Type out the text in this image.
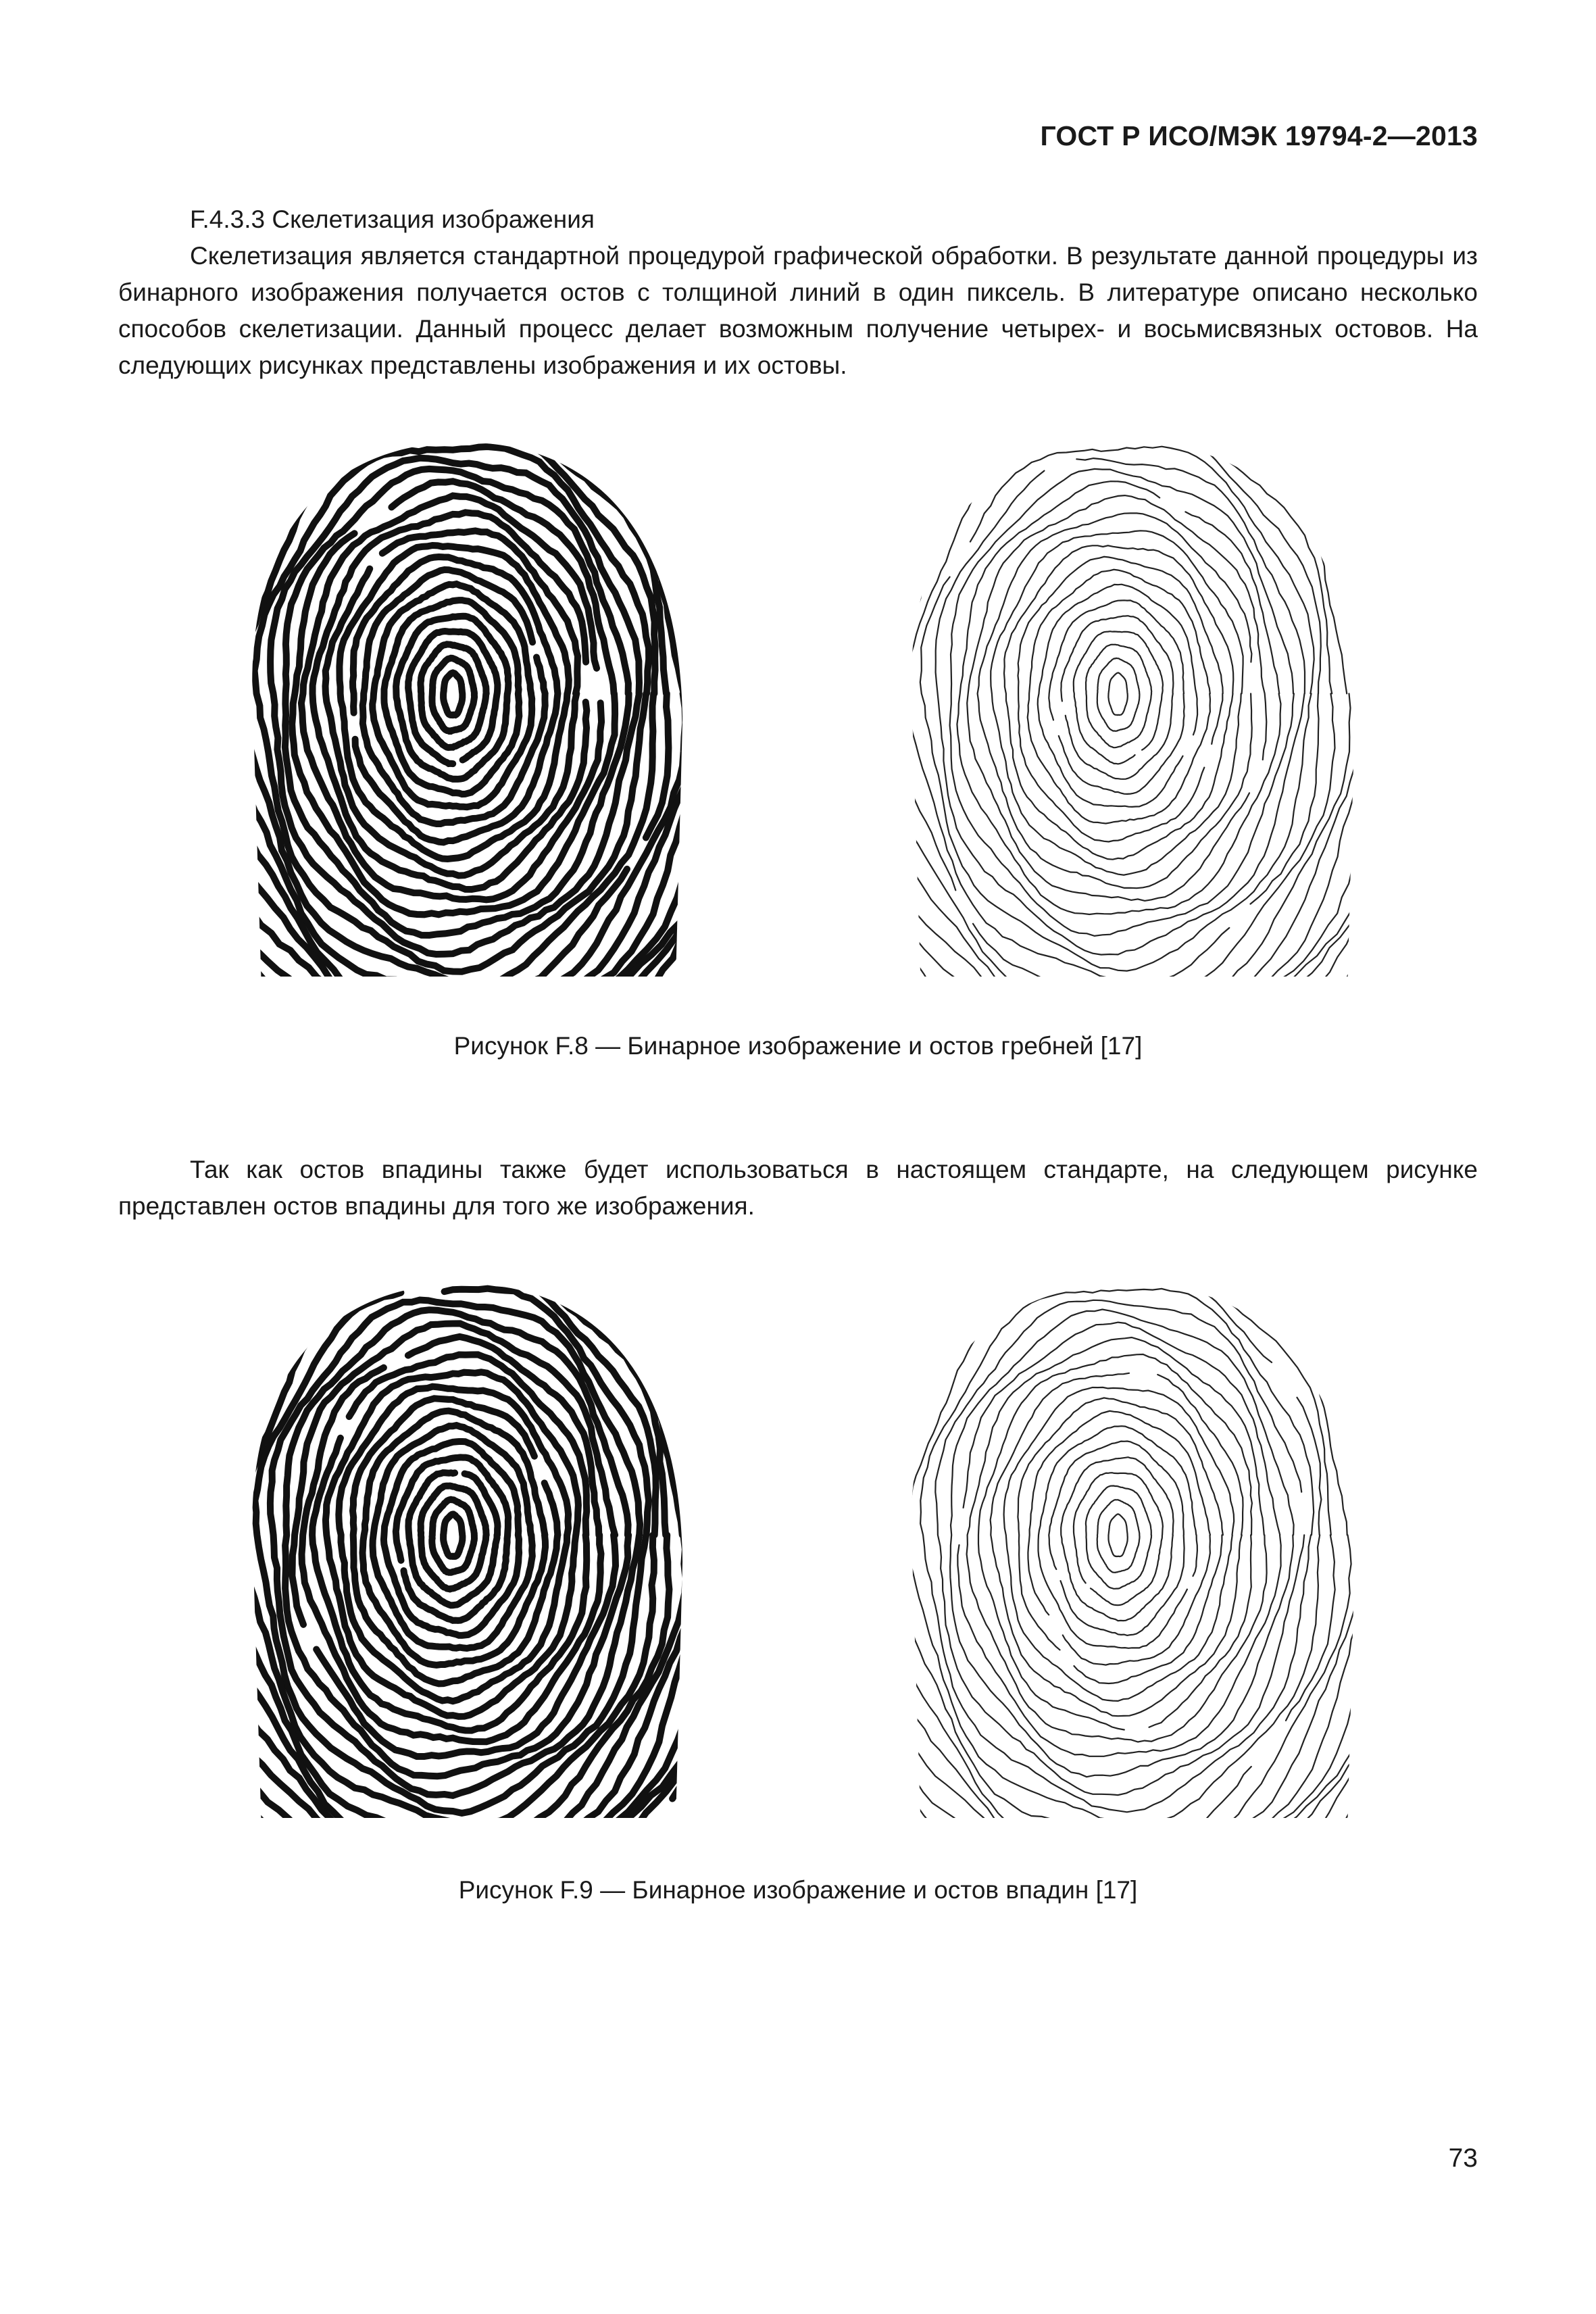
ГОСТ Р ИСО/МЭК 19794-2—2013

F.4.3.3 Скелетизация изображения

Скелетизация является стандартной процедурой графической обработки. В результате данной процедуры из бинарного изображения получается остов с толщиной линий в один пиксель. В литературе описано несколько способов скелетизации. Данный процесс делает возможным получение четырех- и восьмисвязных остовов. На следующих рисунках представлены изображения и их остовы.

Рисунок F.8 — Бинарное изображение и остов гребней [17]

Так как остов впадины также будет использоваться в настоящем стандарте, на следующем рисунке представлен остов впадины для того же изображения.

Рисунок F.9 — Бинарное изображение и остов впадин [17]
73
